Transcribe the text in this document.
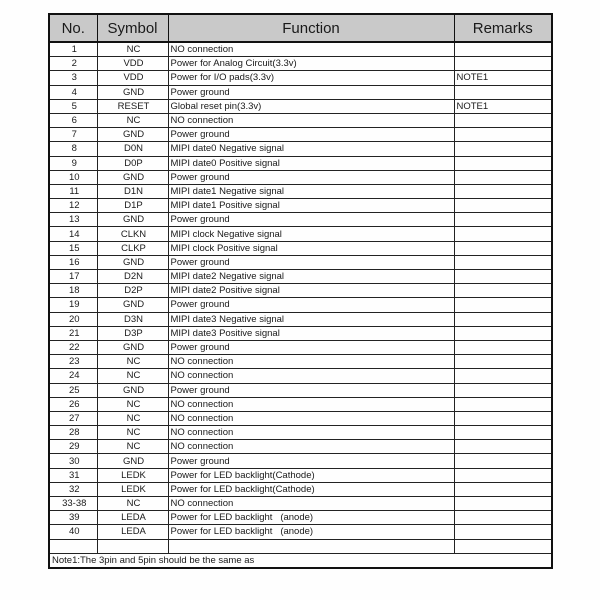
No.	Symbol	Function	Remarks
1	NC	NO connection	
2	VDD	Power for Analog Circuit(3.3v)	
3	VDD	Power for I/O pads(3.3v)	NOTE1
4	GND	Power ground	
5	RESET	Global reset pin(3.3v)	NOTE1
6	NC	NO connection	
7	GND	Power ground	
8	D0N	MIPI date0 Negative signal	
9	D0P	MIPI date0 Positive signal	
10	GND	Power ground	
11	D1N	MIPI date1 Negative signal	
12	D1P	MIPI date1 Positive signal	
13	GND	Power ground	
14	CLKN	MIPI clock Negative signal	
15	CLKP	MIPI clock Positive signal	
16	GND	Power ground	
17	D2N	MIPI date2 Negative signal	
18	D2P	MIPI date2 Positive signal	
19	GND	Power ground	
20	D3N	MIPI date3 Negative signal	
21	D3P	MIPI date3 Positive signal	
22	GND	Power ground	
23	NC	NO connection	
24	NC	NO connection	
25	GND	Power ground	
26	NC	NO connection	
27	NC	NO connection	
28	NC	NO connection	
29	NC	NO connection	
30	GND	Power ground	
31	LEDK	Power for LED backlight(Cathode)	
32	LEDK	Power for LED backlight(Cathode)	
33-38	NC	NO connection	
39	LEDA	Power for LED backlight   (anode)	
40	LEDA	Power for LED backlight   (anode)	

Note1:The 3pin and 5pin should be the same as			
